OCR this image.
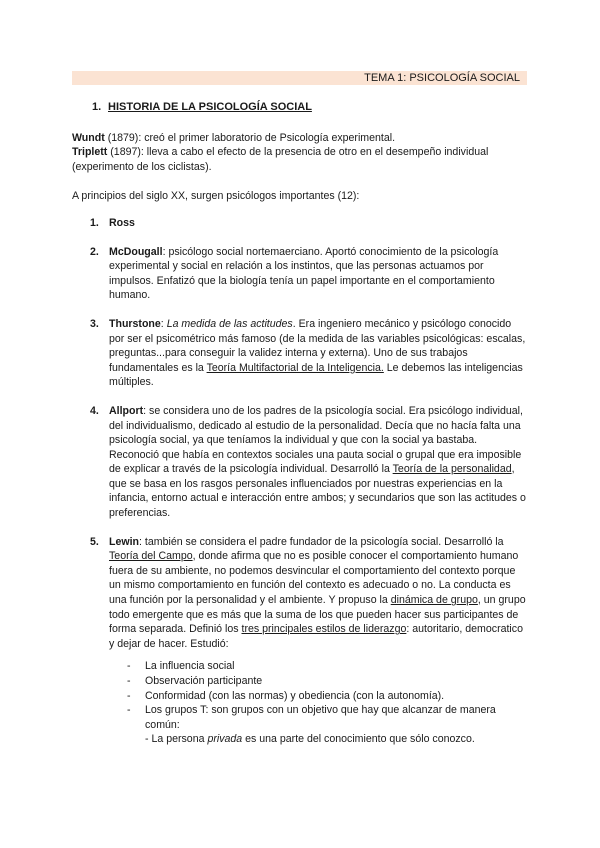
TEMA 1: PSICOLOGÍA SOCIAL
1. HISTORIA DE LA PSICOLOGÍA SOCIAL

Wundt (1879): creó el primer laboratorio de Psicología experimental.

Triplett (1897): lleva a cabo el efecto de la presencia de otro en el desempeño individual (experimento de los ciclistas).

A principios del siglo XX, surgen psicólogos importantes (12):

1. Ross
2. McDougall: psicólogo social nortemaerciano. Aportó conocimiento de la psicología experimental y social en relación a los instintos, que las personas actuamos por impulsos. Enfatizó que la biología tenía un papel importante en el comportamiento humano.
3. Thurstone: La medida de las actitudes. Era ingeniero mecánico y psicólogo conocido por ser el psicométrico más famoso (de la medida de las variables psicológicas: escalas, preguntas...para conseguir la validez interna y externa). Uno de sus trabajos fundamentales es la Teoría Multifactorial de la Inteligencia. Le debemos las inteligencias múltiples.
4. Allport: se considera uno de los padres de la psicología social. Era psicólogo individual, del individualismo, dedicado al estudio de la personalidad. Decía que no hacía falta una psicología social, ya que teníamos la individual y que con la social ya bastaba. Reconoció que había en contextos sociales una pauta social o grupal que era imposible de explicar a través de la psicología individual. Desarrolló la Teoría de la personalidad, que se basa en los rasgos personales influenciados por nuestras experiencias en la infancia, entorno actual e interacción entre ambos; y secundarios que son las actitudes o preferencias.
5. Lewin: también se considera el padre fundador de la psicología social. Desarrolló la Teoría del Campo, donde afirma que no es posible conocer el comportamiento humano fuera de su ambiente, no podemos desvincular el comportamiento del contexto porque un mismo comportamiento en función del contexto es adecuado o no. La conducta es una función por la personalidad y el ambiente. Y propuso la dinámica de grupo, un grupo todo emergente que es más que la suma de los que pueden hacer sus participantes de forma separada. Definió los tres principales estilos de liderazgo: autoritario, democratico y dejar de hacer. Estudió:
- La influencia social
- Observación participante
- Conformidad (con las normas) y obediencia (con la autonomía).
- Los grupos T: son grupos con un objetivo que hay que alcanzar de manera común:
- La persona privada es una parte del conocimiento que sólo conozco.
